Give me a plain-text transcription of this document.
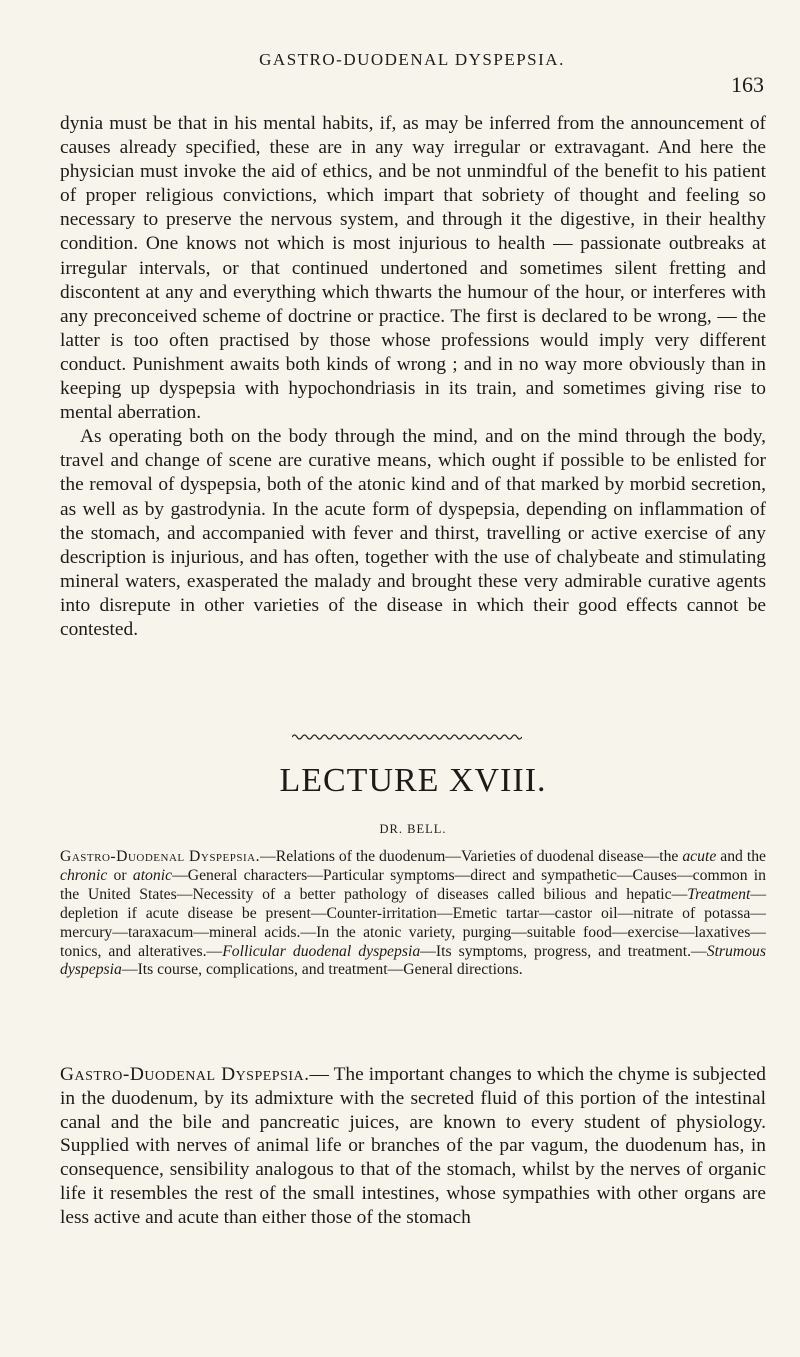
GASTRO-DUODENAL DYSPEPSIA.
163

dynia must be that in his mental habits, if, as may be inferred from the announcement of causes already specified, these are in any way irregular or extravagant. And here the physician must invoke the aid of ethics, and be not unmindful of the benefit to his patient of proper religious convictions, which impart that sobriety of thought and feeling so necessary to preserve the nervous system, and through it the digestive, in their healthy condition. One knows not which is most injurious to health — passionate outbreaks at irregular intervals, or that continued undertoned and sometimes silent fretting and discontent at any and everything which thwarts the humour of the hour, or interferes with any preconceived scheme of doctrine or practice. The first is declared to be wrong, — the latter is too often practised by those whose professions would imply very different conduct. Punishment awaits both kinds of wrong ; and in no way more obviously than in keeping up dyspepsia with hypochondriasis in its train, and sometimes giving rise to mental aberration.

As operating both on the body through the mind, and on the mind through the body, travel and change of scene are curative means, which ought if possible to be enlisted for the removal of dyspepsia, both of the atonic kind and of that marked by morbid secretion, as well as by gastrodynia. In the acute form of dyspepsia, depending on inflammation of the stomach, and accompanied with fever and thirst, travelling or active exercise of any description is injurious, and has often, together with the use of chalybeate and stimulating mineral waters, exasperated the malady and brought these very admirable curative agents into disrepute in other varieties of the disease in which their good effects cannot be contested.

LECTURE XVIII.
DR. BELL.

Gastro-Duodenal Dyspepsia.—Relations of the duodenum—Varieties of duodenal disease—the acute and the chronic or atonic—General characters—Particular symptoms—direct and sympathetic—Causes—common in the United States—Necessity of a better pathology of diseases called bilious and hepatic—Treatment—depletion if acute disease be present—Counter-irritation—Emetic tartar—castor oil—nitrate of potassa—mercury—taraxacum—mineral acids.—In the atonic variety, purging—suitable food—exercise—laxatives—tonics, and alteratives.—Follicular duodenal dyspepsia—Its symptoms, progress, and treatment.—Strumous dyspepsia—Its course, complications, and treatment—General directions.

Gastro-Duodenal Dyspepsia.— The important changes to which the chyme is subjected in the duodenum, by its admixture with the secreted fluid of this portion of the intestinal canal and the bile and pancreatic juices, are known to every student of physiology. Supplied with nerves of animal life or branches of the par vagum, the duodenum has, in consequence, sensibility analogous to that of the stomach, whilst by the nerves of organic life it resembles the rest of the small intestines, whose sympathies with other organs are less active and acute than either those of the stomach
